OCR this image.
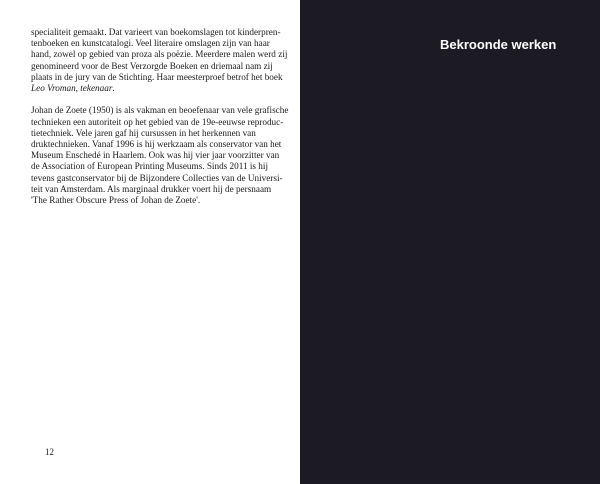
specialiteit gemaakt. Dat varieert van boekomslagen tot kinderpren-
tenboeken en kunstcatalogi. Veel literaire omslagen zijn van haar
hand, zowel op gebied van proza als poëzie. Meerdere malen werd zij
genomineerd voor de Best Verzorgde Boeken en driemaal nam zij
plaats in de jury van de Stichting. Haar meesterproef betrof het boek
Leo Vroman, tekenaar.
Johan de Zoete (1950) is als vakman en beoefenaar van vele grafische
technieken een autoriteit op het gebied van de 19e-eeuwse reproduc-
tietechniek. Vele jaren gaf hij cursussen in het herkennen van
druktechnieken. Vanaf 1996 is hij werkzaam als conservator van het
Museum Enschedé in Haarlem. Ook was hij vier jaar voorzitter van
de Association of European Printing Museums. Sinds 2011 is hij
tevens gastconservator bij de Bijzondere Collecties van de Universi-
teit van Amsterdam. Als marginaal drukker voert hij de persnaam
'The Rather Obscure Press of Johan de Zoete'.
12
Bekroonde werken
